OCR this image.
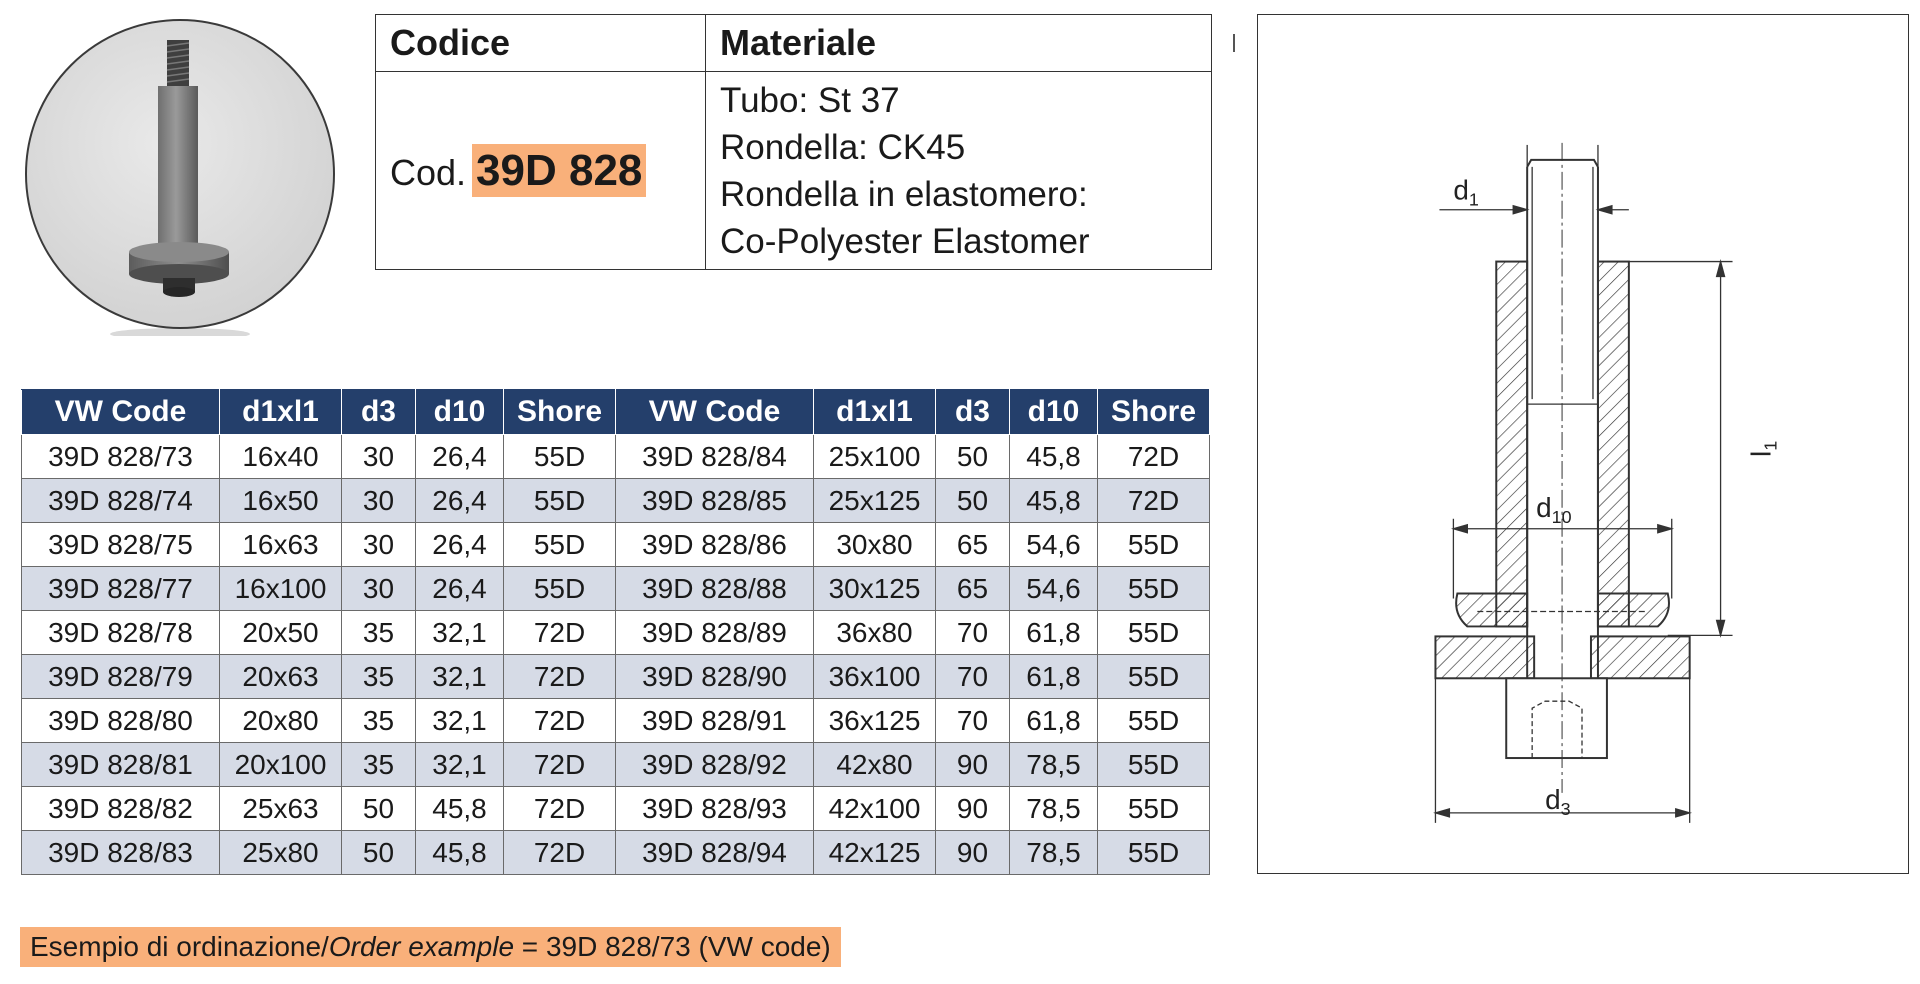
Codice	Materiale
Cod. 39D 828	Tubo: St 37
Rondella: CK45
Rondella in elastomero:
Co-Polyester Elastomer
VW Code	d1xl1	d3	d10	Shore	VW Code	d1xl1	d3	d10	Shore
39D 828/73	16x40	30	26,4	55D	39D 828/84	25x100	50	45,8	72D
39D 828/74	16x50	30	26,4	55D	39D 828/85	25x125	50	45,8	72D
39D 828/75	16x63	30	26,4	55D	39D 828/86	30x80	65	54,6	55D
39D 828/77	16x100	30	26,4	55D	39D 828/88	30x125	65	54,6	55D
39D 828/78	20x50	35	32,1	72D	39D 828/89	36x80	70	61,8	55D
39D 828/79	20x63	35	32,1	72D	39D 828/90	36x100	70	61,8	55D
39D 828/80	20x80	35	32,1	72D	39D 828/91	36x125	70	61,8	55D
39D 828/81	20x100	35	32,1	72D	39D 828/92	42x80	90	78,5	55D
39D 828/82	25x63	50	45,8	72D	39D 828/93	42x100	90	78,5	55D
39D 828/83	25x80	50	45,8	72D	39D 828/94	42x125	90	78,5	55D
$d_1$
$l_1$
$d_{10}$
$d_3$
Esempio di ordinazione/Order example = 39D 828/73 (VW code)
